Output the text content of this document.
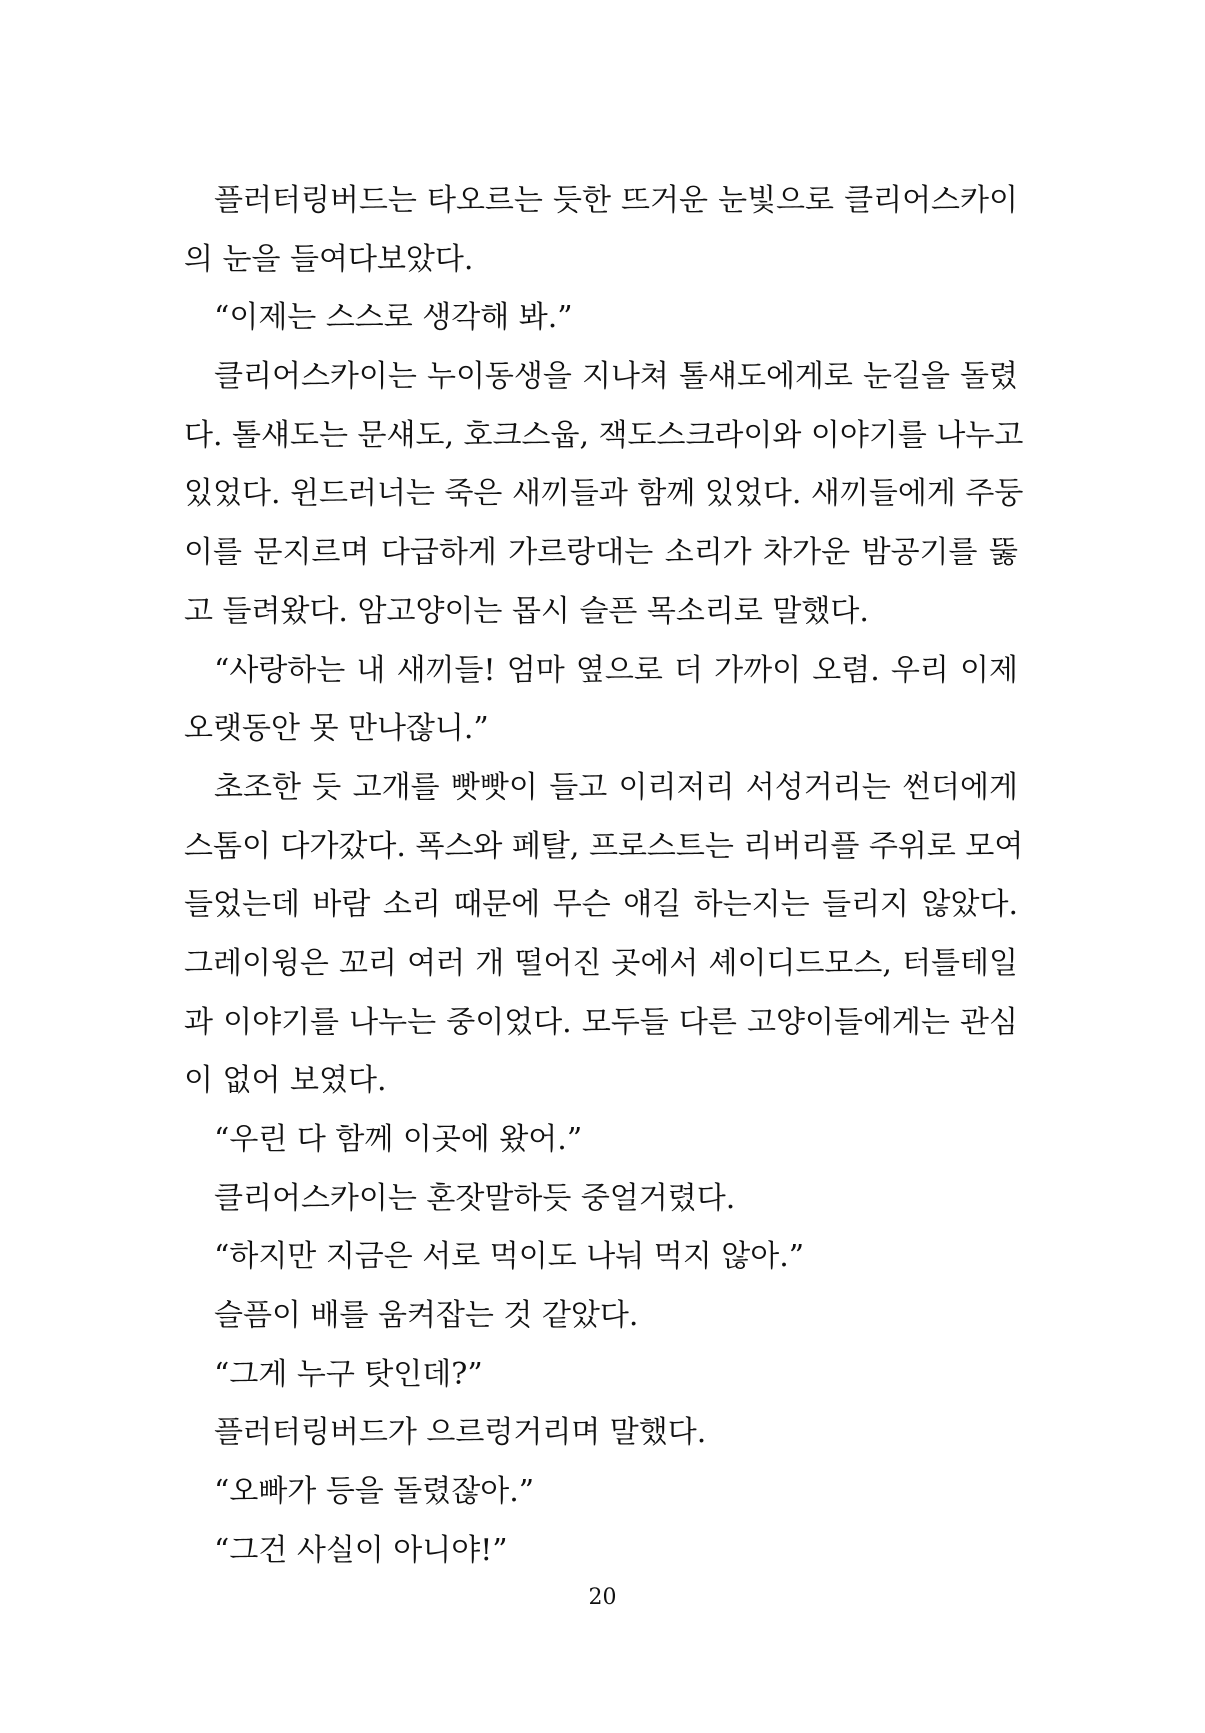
플러터링버드는 타오르는 듯한 뜨거운 눈빛으로 클리어스카이
의 눈을 들여다보았다.
“이제는 스스로 생각해 봐.”
클리어스카이는 누이동생을 지나쳐 톨섀도에게로 눈길을 돌렸
다. 톨섀도는 문섀도, 호크스웁, 잭도스크라이와 이야기를 나누고
있었다. 윈드러너는 죽은 새끼들과 함께 있었다. 새끼들에게 주둥
이를 문지르며 다급하게 가르랑대는 소리가 차가운 밤공기를 뚫
고 들려왔다. 암고양이는 몹시 슬픈 목소리로 말했다.
“사랑하는 내 새끼들! 엄마 옆으로 더 가까이 오렴. 우리 이제
오랫동안 못 만나잖니.”
초조한 듯 고개를 빳빳이 들고 이리저리 서성거리는 썬더에게
스톰이 다가갔다. 폭스와 페탈, 프로스트는 리버리플 주위로 모여
들었는데 바람 소리 때문에 무슨 얘길 하는지는 들리지 않았다.
그레이윙은 꼬리 여러 개 떨어진 곳에서 셰이디드모스, 터틀테일
과 이야기를 나누는 중이었다. 모두들 다른 고양이들에게는 관심
이 없어 보였다.
“우린 다 함께 이곳에 왔어.”
클리어스카이는 혼잣말하듯 중얼거렸다.
“하지만 지금은 서로 먹이도 나눠 먹지 않아.”
슬픔이 배를 움켜잡는 것 같았다.
“그게 누구 탓인데?”
플러터링버드가 으르렁거리며 말했다.
“오빠가 등을 돌렸잖아.”
“그건 사실이 아니야!”
20
